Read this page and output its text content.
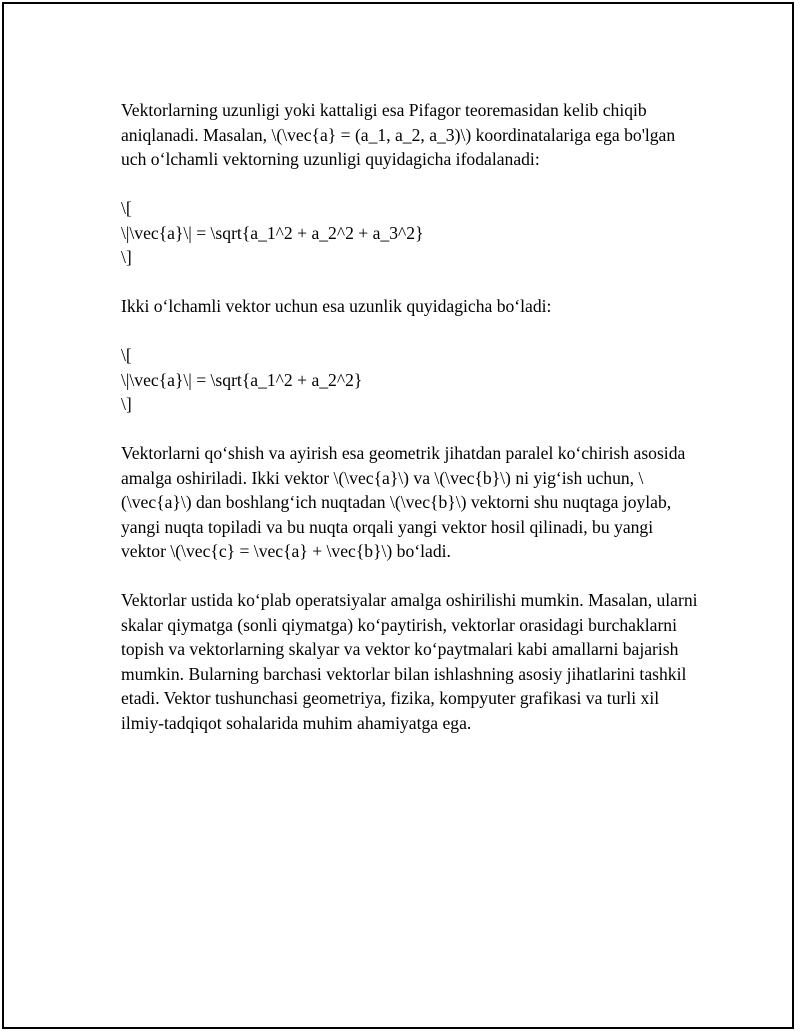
Vektorlarning uzunligi yoki kattaligi esa Pifagor teoremasidan kelib chiqib aniqlanadi. Masalan, \(\vec{a} = (a_1, a_2, a_3)\) koordinatalariga ega bo'lgan uch o‘lchamli vektorning uzunligi quyidagicha ifodalanadi:

\[
\|\vec{a}\| = \sqrt{a_1^2 + a_2^2 + a_3^2}
\]

Ikki o‘lchamli vektor uchun esa uzunlik quyidagicha bo‘ladi:

\[
\|\vec{a}\| = \sqrt{a_1^2 + a_2^2}
\]

Vektorlarni qo‘shish va ayirish esa geometrik jihatdan paralel ko‘chirish asosida amalga oshiriladi. Ikki vektor \(\vec{a}\) va \(\vec{b}\) ni yig‘ish uchun, \(\vec{a}\) dan boshlang‘ich nuqtadan \(\vec{b}\) vektorni shu nuqtaga joylab, yangi nuqta topiladi va bu nuqta orqali yangi vektor hosil qilinadi, bu yangi vektor \(\vec{c} = \vec{a} + \vec{b}\) bo‘ladi.

Vektorlar ustida ko‘plab operatsiyalar amalga oshirilishi mumkin. Masalan, ularni skalar qiymatga (sonli qiymatga) ko‘paytirish, vektorlar orasidagi burchaklarni topish va vektorlarning skalyar va vektor ko‘paytmalari kabi amallarni bajarish mumkin. Bularning barchasi vektorlar bilan ishlashning asosiy jihatlarini tashkil etadi. Vektor tushunchasi geometriya, fizika, kompyuter grafikasi va turli xil ilmiy-tadqiqot sohalarida muhim ahamiyatga ega.
